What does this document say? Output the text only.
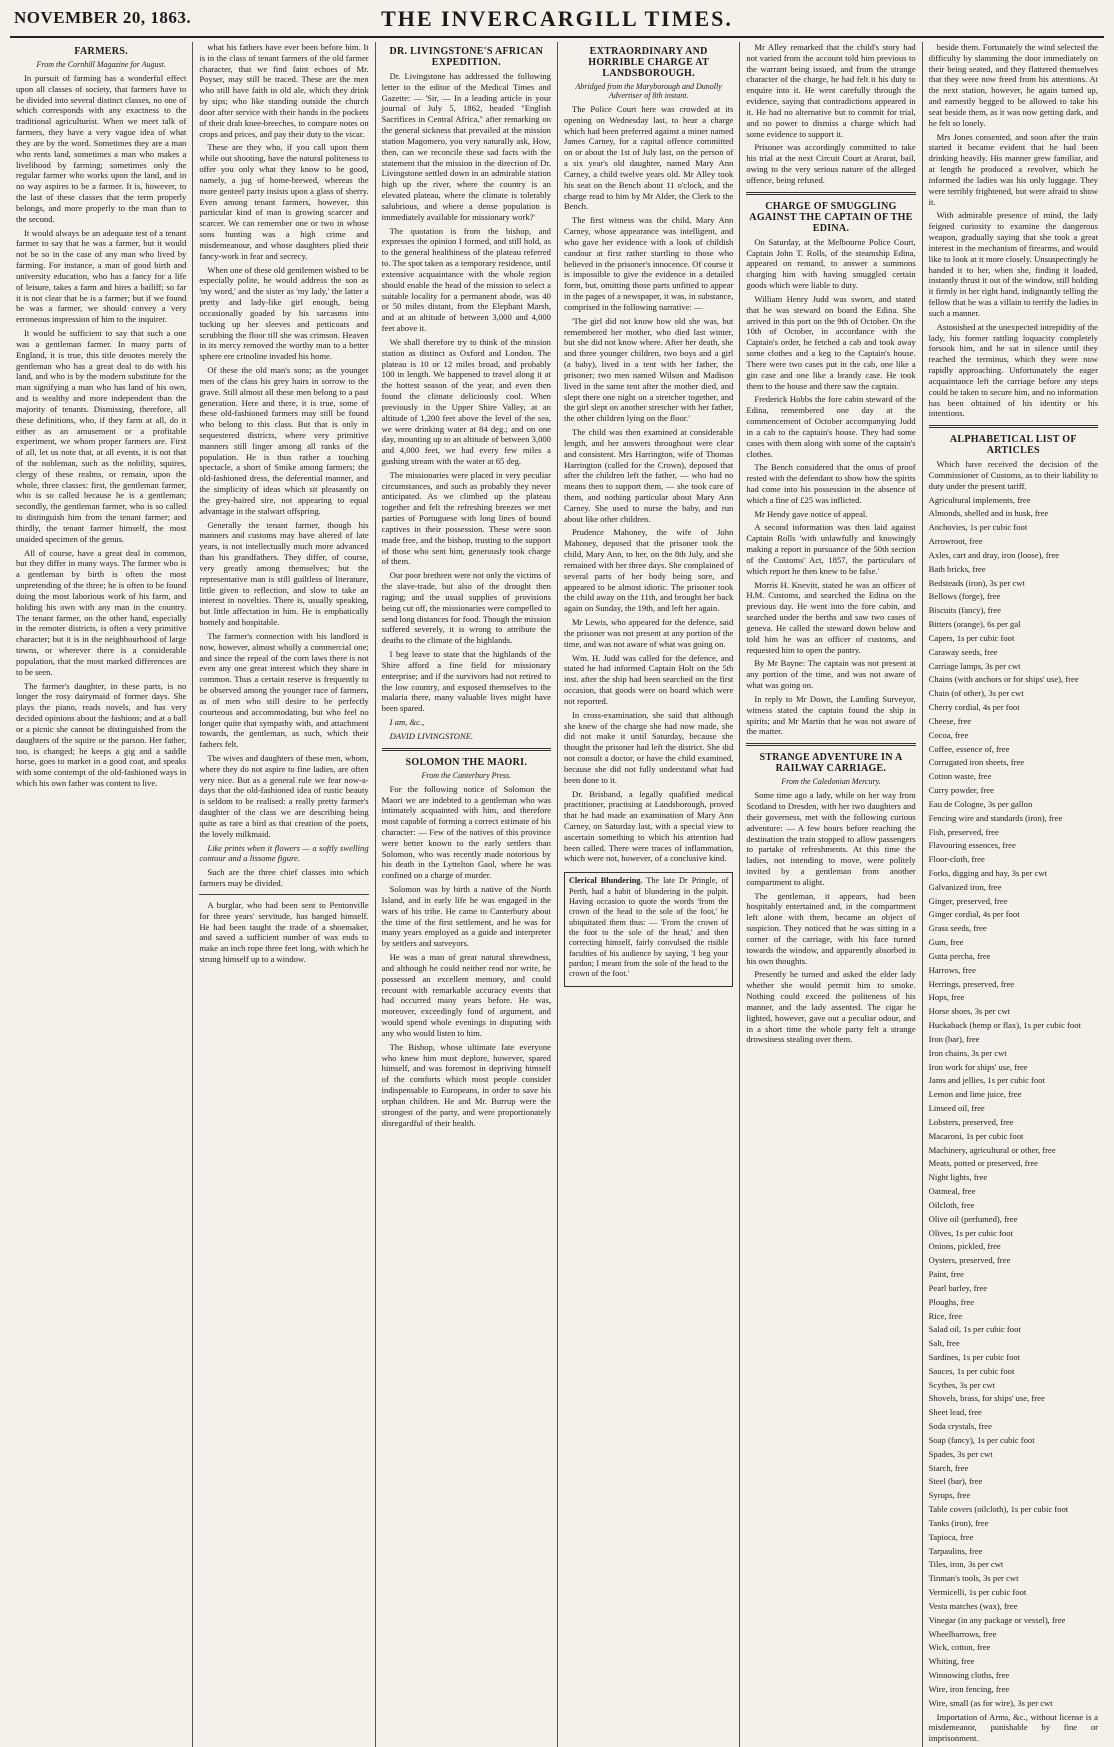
NOVEMBER 20, 1863.	THE INVERCARGILL TIMES.
FARMERS.
From the Cornhill Magazine for August.

In pursuit of farming has a wonderful effect upon all classes of society, that farmers have to be divided into several distinct classes, no one of which corresponds with any exactness to the traditional agriculturist. When we meet talk of farmers, they have a very vague idea of what they are by the word. Sometimes they are a man who rents land, sometimes a man who makes a livelihood by farming; sometimes only the regular farmer who works upon the land, and in no way aspires to be a farmer. It is, however, to the last of these classes that the term properly belongs, and more properly to the man than to the second.

It would always be an adequate test of a tenant farmer to say that he was a farmer, but it would not be so in the case of any man who lived by farming. For instance, a man of good birth and university education, who has a fancy for a life of leisure, takes a farm and hires a bailiff; so far it is not clear that he is a farmer; but if we found he was a farmer, we should convey a very erroneous impression of him to the inquirer.

It would be sufficient to say that such a one was a gentleman farmer. In many parts of England, it is true, this title denotes merely the gentleman who has a great deal to do with his land, and who is by the modern substitute for the man signifying a man who has land of his own, and is wealthy and more independent than the majority of tenants. Dismissing, therefore, all these definitions, who, if they farm at all, do it either as an amusement or a profitable experiment, we whom proper farmers are. First of all, let us note that, at all events, it is not that of the nobleman, such as the nobility, squires, clergy of these realms, or remain, upon the whole, three classes: first, the gentleman farmer, who is so called because he is a gentleman; secondly, the gentleman farmer, who is so called to distinguish him from the tenant farmer; and thirdly, the tenant farmer himself, the most unaided specimen of the genus.

All of course, have a great deal in common, but they differ in many ways. The farmer who is a gentleman by birth is often the most unpretending of the three; he is often to be found doing the most laborious work of his farm, and holding his own with any man in the country. The tenant farmer, on the other hand, especially in the remoter districts, is often a very primitive character; but it is in the neighbourhood of large towns, or wherever there is a considerable population, that the most marked differences are to be seen.

The farmer's daughter, in these parts, is no longer the rosy dairymaid of former days. She plays the piano, reads novels, and has very decided opinions about the fashions; and at a ball or a picnic she cannot be distinguished from the daughters of the squire or the parson. Her father, too, is changed; he keeps a gig and a saddle horse, goes to market in a good coat, and speaks with some contempt of the old-fashioned ways in which his own father was content to live.

what his fathers have ever been before him. It is in the class of tenant farmers of the old farmer character, that we find faint echoes of Mr. Poyser, may still be traced. These are the men who still have faith in old ale, which they drink by sips; who like standing outside the church door after service with their hands in the pockets of their drab knee-breeches, to compare notes on crops and prices, and pay their duty to the vicar.

These are they who, if you call upon them while out shooting, have the natural politeness to offer you only what they know to be good, namely, a jug of home-brewed, whereas the more genteel party insists upon a glass of sherry. Even among tenant farmers, however, this particular kind of man is growing scarcer and scarcer. We can remember one or two in whose sons hunting was a high crime and misdemeanour, and whose daughters plied their fancy-work in fear and secrecy.

When one of these old gentlemen wished to be especially polite, he would address the son as 'my word,' and the sister as 'my lady,' the latter a pretty and lady-like girl enough, being occasionally goaded by his sarcasms into tucking up her sleeves and petticoats and scrubbing the floor till she was crimson. Heaven in its mercy removed the worthy man to a better sphere ere crinoline invaded his home.

Of these the old man's sons; as the younger men of the class his grey hairs in sorrow to the grave. Still almost all these men belong to a past generation. Here and there, it is true, some of these old-fashioned farmers may still be found who belong to this class. But that is only in sequestered districts, where very primitive manners still linger among all ranks of the population. He is thus rather a touching spectacle, a short of Smike among farmers; the old-fashioned dress, the deferential manner, and the simplicity of ideas which sit pleasantly on the grey-haired sire, not appearing to equal advantage in the stalwart offspring.

Generally the tenant farmer, though his manners and customs may have altered of late years, is not intellectually much more advanced than his grandfathers. They differ, of course, very greatly among themselves; but the representative man is still guiltless of literature, little given to reflection, and slow to take an interest in novelties. There is, usually speaking, but little affectation in him. He is emphatically homely and hospitable.

The farmer's connection with his landlord is now, however, almost wholly a commercial one; and since the repeal of the corn laws there is not even any one great interest which they share in common. Thus a certain reserve is frequently to be observed among the younger race of farmers, as of men who still desire to be perfectly courteous and accommodating, but who feel no longer quite that sympathy with, and attachment towards, the gentleman, as such, which their fathers felt.

The wives and daughters of these men, whom, where they do not aspire to fine ladies, are often very nice. But as a general rule we fear now-a-days that the old-fashioned idea of rustic beauty is seldom to be realised: a really pretty farmer's daughter of the class we are describing being quite as rare a bird as that creation of the poets, the lovely milkmaid.

Like prints when it flowers — a softly swelling contour and a lissome figure.

Such are the three chief classes into which farmers may be divided.

A burglar, who had been sent to Pentonville for three years' servitude, has hanged himself. He had been taught the trade of a shoemaker, and saved a sufficient number of wax ends to make an inch rope three feet long, with which he strung himself up to a window.

DR. LIVINGSTONE'S AFRICAN EXPEDITION.

Dr. Livingstone has addressed the following letter to the editor of the Medical Times and Gazette: — 'Sir, — In a leading article in your journal of July 5, 1862, headed "English Sacrifices in Central Africa," after remarking on the general sickness that prevailed at the mission station Magomero, you very naturally ask, How, then, can we reconcile these sad facts with the statement that the mission in the direction of Dr. Livingstone settled down in an admirable station high up the river, where the country is an elevated plateau, where the climate is tolerably salubrious, and where a dense population is immediately available for missionary work?'

The quotation is from the bishop, and expresses the opinion I formed, and still hold, as to the general healthiness of the plateau referred to. The spot taken as a temporary residence, until extensive acquaintance with the whole region should enable the head of the mission to select a suitable locality for a permanent abode, was 40 or 50 miles distant, from the Elephant Marsh, and at an altitude of between 3,000 and 4,000 feet above it.

We shall therefore try to think of the mission station as distinct as Oxford and London. The plateau is 10 or 12 miles broad, and probably 100 in length. We happened to travel along it at the hottest season of the year, and even then found the climate deliciously cool. When previously in the Upper Shire Valley, at an altitude of 1,200 feet above the level of the sea, we were drinking water at 84 deg.; and on one day, mounting up to an altitude of between 3,000 and 4,000 feet, we had every few miles a gushing stream with the water at 65 deg.

The missionaries were placed in very peculiar circumstances, and such as probably they never anticipated. As we climbed up the plateau together and felt the refreshing breezes we met parties of Portuguese with long lines of bound captives in their possession. These were soon made free, and the bishop, trusting to the support of those who sent him, generously took charge of them.

Our poor brethren were not only the victims of the slave-trade, but also of the drought then raging; and the usual supplies of provisions being cut off, the missionaries were compelled to send long distances for food. Though the mission suffered severely, it is wrong to attribute the deaths to the climate of the highlands.

I beg leave to state that the highlands of the Shire afford a fine field for missionary enterprise; and if the survivors had not retired to the low country, and exposed themselves to the malaria there, many valuable lives might have been spared.

I am, &c.,

DAVID LIVINGSTONE.

SOLOMON THE MAORI.
From the Canterbury Press.

For the following notice of Solomon the Maori we are indebted to a gentleman who was intimately acquainted with him, and therefore most capable of forming a correct estimate of his character: — Few of the natives of this province were better known to the early settlers than Solomon, who was recently made notorious by his death in the Lyttelton Gaol, where he was confined on a charge of murder.

Solomon was by birth a native of the North Island, and in early life he was engaged in the wars of his tribe. He came to Canterbury about the time of the first settlement, and he was for many years employed as a guide and interpreter by settlers and surveyors.

He was a man of great natural shrewdness, and although he could neither read nor write, he possessed an excellent memory, and could recount with remarkable accuracy events that had occurred many years before. He was, moreover, exceedingly fond of argument, and would spend whole evenings in disputing with any who would listen to him.

The Bishop, whose ultimate fate everyone who knew him must deplore, however, spared himself, and was foremost in depriving himself of the comforts which most people consider indispensable to Europeans, in order to save his orphan children. He and Mr. Burrup were the strongest of the party, and were proportionately disregardful of their health.

EXTRAORDINARY AND HORRIBLE CHARGE AT LANDSBOROUGH.
Abridged from the Maryborough and Dunolly Advertiser of 8th instant.

The Police Court here was crowded at its opening on Wednesday last, to hear a charge which had been preferred against a miner named James Carney, for a capital offence committed on or about the 1st of July last, on the person of a six year's old daughter, named Mary Ann Carney, a child twelve years old. Mr Alley took his seat on the Bench about 11 o'clock, and the charge read to him by Mr Alder, the Clerk to the Bench.

The first witness was the child, Mary Ann Carney, whose appearance was intelligent, and who gave her evidence with a look of childish candour at first rather startling to those who believed in the prisoner's innocence. Of course it is impossible to give the evidence in a detailed form, but, omitting those parts unfitted to appear in the pages of a newspaper, it was, in substance, comprised in the following narrative: —

'The girl did not know how old she was, but remembered her mother, who died last winter, but she did not know where. After her death, she and three younger children, two boys and a girl (a baby), lived in a tent with her father, the prisoner; two men named Wilson and Madison lived in the same tent after the mother died, and slept there one night on a stretcher together, and the girl slept on another stretcher with her father, the other children lying on the floor.'

The child was then examined at considerable length, and her answers throughout were clear and consistent. Mrs Harrington, wife of Thomas Harrington (called for the Crown), deposed that after the children left the father, — who had no means then to support them, — she took care of them, and nothing particular about Mary Ann Carney. She used to nurse the baby, and run about like other children.

Prudence Mahoney, the wife of John Mahoney, deposed that the prisoner took the child, Mary Ann, to her, on the 8th July, and she remained with her three days. She complained of several parts of her body being sore, and appeared to be almost idiotic. The prisoner took the child away on the 11th, and brought her back again on Sunday, the 19th, and left her again.

Mr Lewis, who appeared for the defence, said the prisoner was not present at any portion of the time, and was not aware of what was going on.

Wm. H. Judd was called for the defence, and stated he had informed Captain Holt on the 5th inst. after the ship had been searched on the first occasion, that goods were on board which were not reported.

In cross-examination, she said that although she knew of the charge she had now made, she did not make it until Saturday, because she thought the prisoner had left the district. She did not consult a doctor, or have the child examined, because she did not fully understand what had been done to it.

Dr. Brisband, a legally qualified medical practitioner, practising at Landsborough, proved that he had made an examination of Mary Ann Carney, on Saturday last, with a special view to ascertain something to which his attention had been called. There were traces of inflammation, which were not, however, of a conclusive kind.

Clerical Blundering. The late Dr Pringle, of Perth, had a habit of blundering in the pulpit. Having occasion to quote the words 'from the crown of the head to the sole of the foot,' he ubiquitated them thus: — 'From the crown of the foot to the sole of the head,' and then correcting himself, fairly convulsed the risible faculties of his audience by saying, 'I beg your pardon; I meant from the sole of the head to the crown of the foot.'

Mr Alley remarked that the child's story had not varied from the account told him previous to the warrant being issued, and from the strange character of the charge, he had felt it his duty to enquire into it. He went carefully through the evidence, saying that contradictions appeared in it. He had no alternative but to commit for trial, and no power to dismiss a charge which had some evidence to support it.

Prisoner was accordingly committed to take his trial at the next Circuit Court at Ararat, bail, owing to the very serious nature of the alleged offence, being refused.

CHARGE OF SMUGGLING AGAINST THE CAPTAIN OF THE EDINA.

On Saturday, at the Melbourne Police Court, Captain John T. Rolls, of the steamship Edina, appeared on remand, to answer a summons charging him with having smuggled certain goods which were liable to duty.

William Henry Judd was sworn, and stated that he was steward on board the Edina. She arrived in this port on the 9th of October. On the 10th of October, in accordance with the Captain's order, he fetched a cab and took away some clothes and a keg to the Captain's house. There were two cases put in the cab, one like a gin case and one like a brandy case. He took them to the house and there saw the captain.

Frederick Hobbs the fore cabin steward of the Edina, remembered one day at the commencement of October accompanying Judd in a cab to the captain's house. They had some cases with them along with some of the captain's clothes.

The Bench considered that the onus of proof rested with the defendant to show how the spirits had come into his possession in the absence of which a fine of £25 was inflicted.

Mr Hendy gave notice of appeal.

A second information was then laid against Captain Rolls 'with unlawfully and knowingly making a report in pursuance of the 50th section of the Customs' Act, 1857, the particulars of which report he then knew to be false.'

Morris H. Knevitt, stated he was an officer of H.M. Customs, and searched the Edina on the previous day. He went into the fore cabin, and searched under the berths and saw two cases of geneva. He called the steward down below and told him he was an officer of customs, and requested him to open the pantry.

By Mr Bayne: The captain was not present at any portion of the time, and was not aware of what was going on.

In reply to Mr Down, the Landing Surveyor, witness stated the captain found the ship in spirits; and Mr Martin that he was not aware of the matter.

STRANGE ADVENTURE IN A RAILWAY CARRIAGE.
From the Caledonian Mercury.

Some time ago a lady, while on her way from Scotland to Dresden, with her two daughters and their governess, met with the following curious adventure: — A few hours before reaching the destination the train stopped to allow passengers to partake of refreshments. At this time the ladies, not intending to move, were politely invited by a gentleman from another compartment to alight.

The gentleman, it appears, had been hospitably entertained and, in the compartment left alone with them, became an object of suspicion. They noticed that he was sitting in a corner of the carriage, with his face turned towards the window, and apparently absorbed in his own thoughts.

Presently he turned and asked the elder lady whether she would permit him to smoke. Nothing could exceed the politeness of his manner, and the lady assented. The cigar he lighted, however, gave out a peculiar odour, and in a short time the whole party felt a strange drowsiness stealing over them.

beside them. Fortunately the wind selected the difficulty by slamming the door immediately on their being seated, and they flattered themselves that they were now freed from his attentions. At the next station, however, he again turned up, and earnestly begged to be allowed to take his seat beside them, as it was now getting dark, and he felt so lonely.

Mrs Jones consented, and soon after the train started it became evident that he had been drinking heavily. His manner grew familiar, and at length he produced a revolver, which he informed the ladies was his only luggage. They were terribly frightened, but were afraid to show it.

With admirable presence of mind, the lady feigned curiosity to examine the dangerous weapon, gradually saying that she took a great interest in the mechanism of firearms, and would like to look at it more closely. Unsuspectingly he handed it to her, when she, finding it loaded, instantly thrust it out of the window, still holding it firmly in her right hand, indignantly telling the fellow that he was a villain to terrify the ladies in such a manner.

Astonished at the unexpected intrepidity of the lady, his former rattling loquacity completely forsook him, and he sat in silence until they reached the terminus, which they were now rapidly approaching. Unfortunately the eager acquaintance left the carriage before any steps could be taken to secure him, and no information has been obtained of his identity or his intentions.

ALPHABETICAL LIST OF ARTICLES

Which have received the decision of the Commissioner of Customs, as to their liability to duty under the present tariff.

Agricultural implements, free

Almonds, shelled and in husk, free

Anchovies, 1s per cubic foot

Arrowroot, free

Axles, cart and dray, iron (loose), free

Bath bricks, free

Bedsteads (iron), 3s per cwt

Bellows (forge), free

Biscuits (fancy), free

Bitters (orange), 6s per gal

Capers, 1s per cubic foot

Caraway seeds, free

Carriage lamps, 3s per cwt

Chains (with anchors or for ships' use), free

Chain (of other), 3s per cwt

Cherry cordial, 4s per foot

Cheese, free

Cocoa, free

Coffee, essence of, free

Corrugated iron sheets, free

Cotton waste, free

Curry powder, free

Eau de Cologne, 3s per gallon

Fencing wire and standards (iron), free

Fish, preserved, free

Flavouring essences, free

Floor-cloth, free

Forks, digging and hay, 3s per cwt

Galvanized iron, free

Ginger, preserved, free

Ginger cordial, 4s per foot

Grass seeds, free

Gum, free

Gutta percha, free

Harrows, free

Herrings, preserved, free

Hops, free

Horse shoes, 3s per cwt

Huckaback (hemp or flax), 1s per cubic foot

Iron (bar), free

Iron chains, 3s per cwt

Iron work for ships' use, free

Jams and jellies, 1s per cubic foot

Lemon and lime juice, free

Linseed oil, free

Lobsters, preserved, free

Macaroni, 1s per cubic foot

Machinery, agricultural or other, free

Meats, potted or preserved, free

Night lights, free

Oatmeal, free

Oilcloth, free

Olive oil (perfumed), free

Olives, 1s per cubic foot

Onions, pickled, free

Oysters, preserved, free

Paint, free

Pearl barley, free

Ploughs, free

Rice, free

Salad oil, 1s per cubic foot

Salt, free

Sardines, 1s per cubic foot

Sauces, 1s per cubic foot

Scythes, 3s per cwt

Shovels, brass, for ships' use, free

Sheet lead, free

Soda crystals, free

Soap (fancy), 1s per cubic foot

Spades, 3s per cwt

Starch, free

Steel (bar), free

Syrups, free

Table covers (oilcloth), 1s per cubic foot

Tanks (iron), free

Tapioca, free

Tarpaulins, free

Tiles, iron, 3s per cwt

Tinman's tools, 3s per cwt

Vermicelli, 1s per cubic foot

Vesta matches (wax), free

Vinegar (in any package or vessel), free

Wheelbarrows, free

Wick, cotton, free

Whiting, free

Winnowing cloths, free

Wire, iron fencing, free

Wire, small (as for wire), 3s per cwt

Importation of Arms, &c., without license is a misdemeanor, punishable by fine or imprisonment.
